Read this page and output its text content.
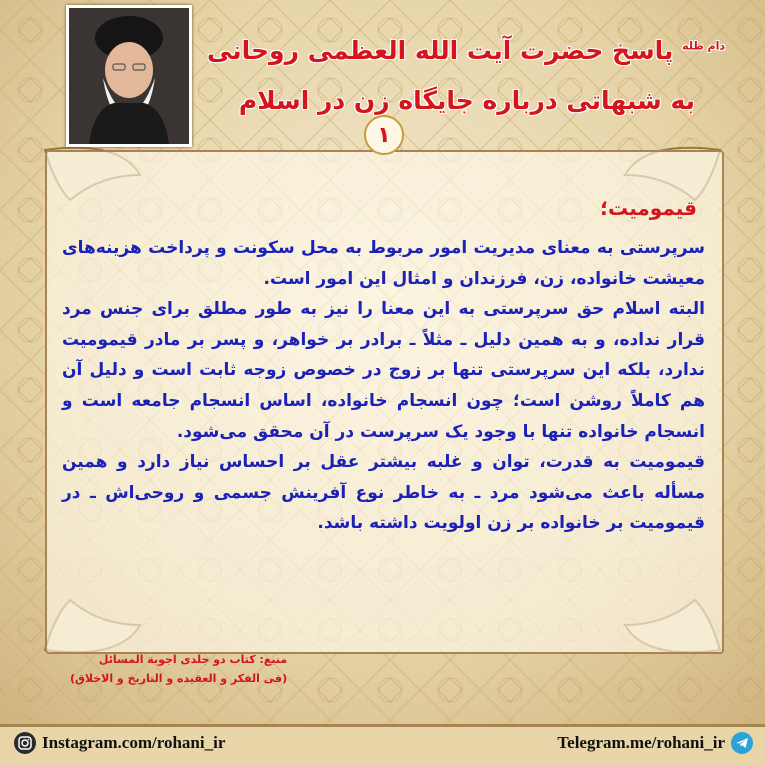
$^{دام ظله}$ پاسخ حضرت آیت الله العظمی روحانی
به شبهاتی درباره جایگاه زن در اسلام
۱
قیمومیت؛

سرپرستی به معنای مدیریت امور مربوط به محل سکونت و پرداخت هزینه‌های معیشت خانواده، زن، فرزندان و امثال این امور است.

البته اسلام حق سرپرستی به این معنا را نیز به طور مطلق برای جنس مرد قرار نداده، و به همین دلیل ـ مثلاً ـ برادر بر خواهر، و پسر بر مادر قیمومیت ندارد، بلکه این سرپرستی تنها بر زوج در خصوص زوجه ثابت است و دلیل آن هم کاملاً روشن است؛ چون انسجام خانواده، اساس انسجام جامعه است و انسجام خانواده تنها با وجود یک سرپرست در آن محقق می‌شود.

قیمومیت به قدرت، توان و غلبه بیشتر عقل بر احساس نیاز دارد و همین مسأله باعث می‌شود مرد ـ به خاطر نوع آفرینش جسمی و روحی‌اش ـ در قیمومیت بر خانواده بر زن اولویت داشته باشد.

منبع: کتاب دو جلدی اجوبة المسائل
(فی الفکر و العقیده و التاریخ و الاخلاق)
Instagram.com/rohani_ir	Telegram.me/rohani_ir
